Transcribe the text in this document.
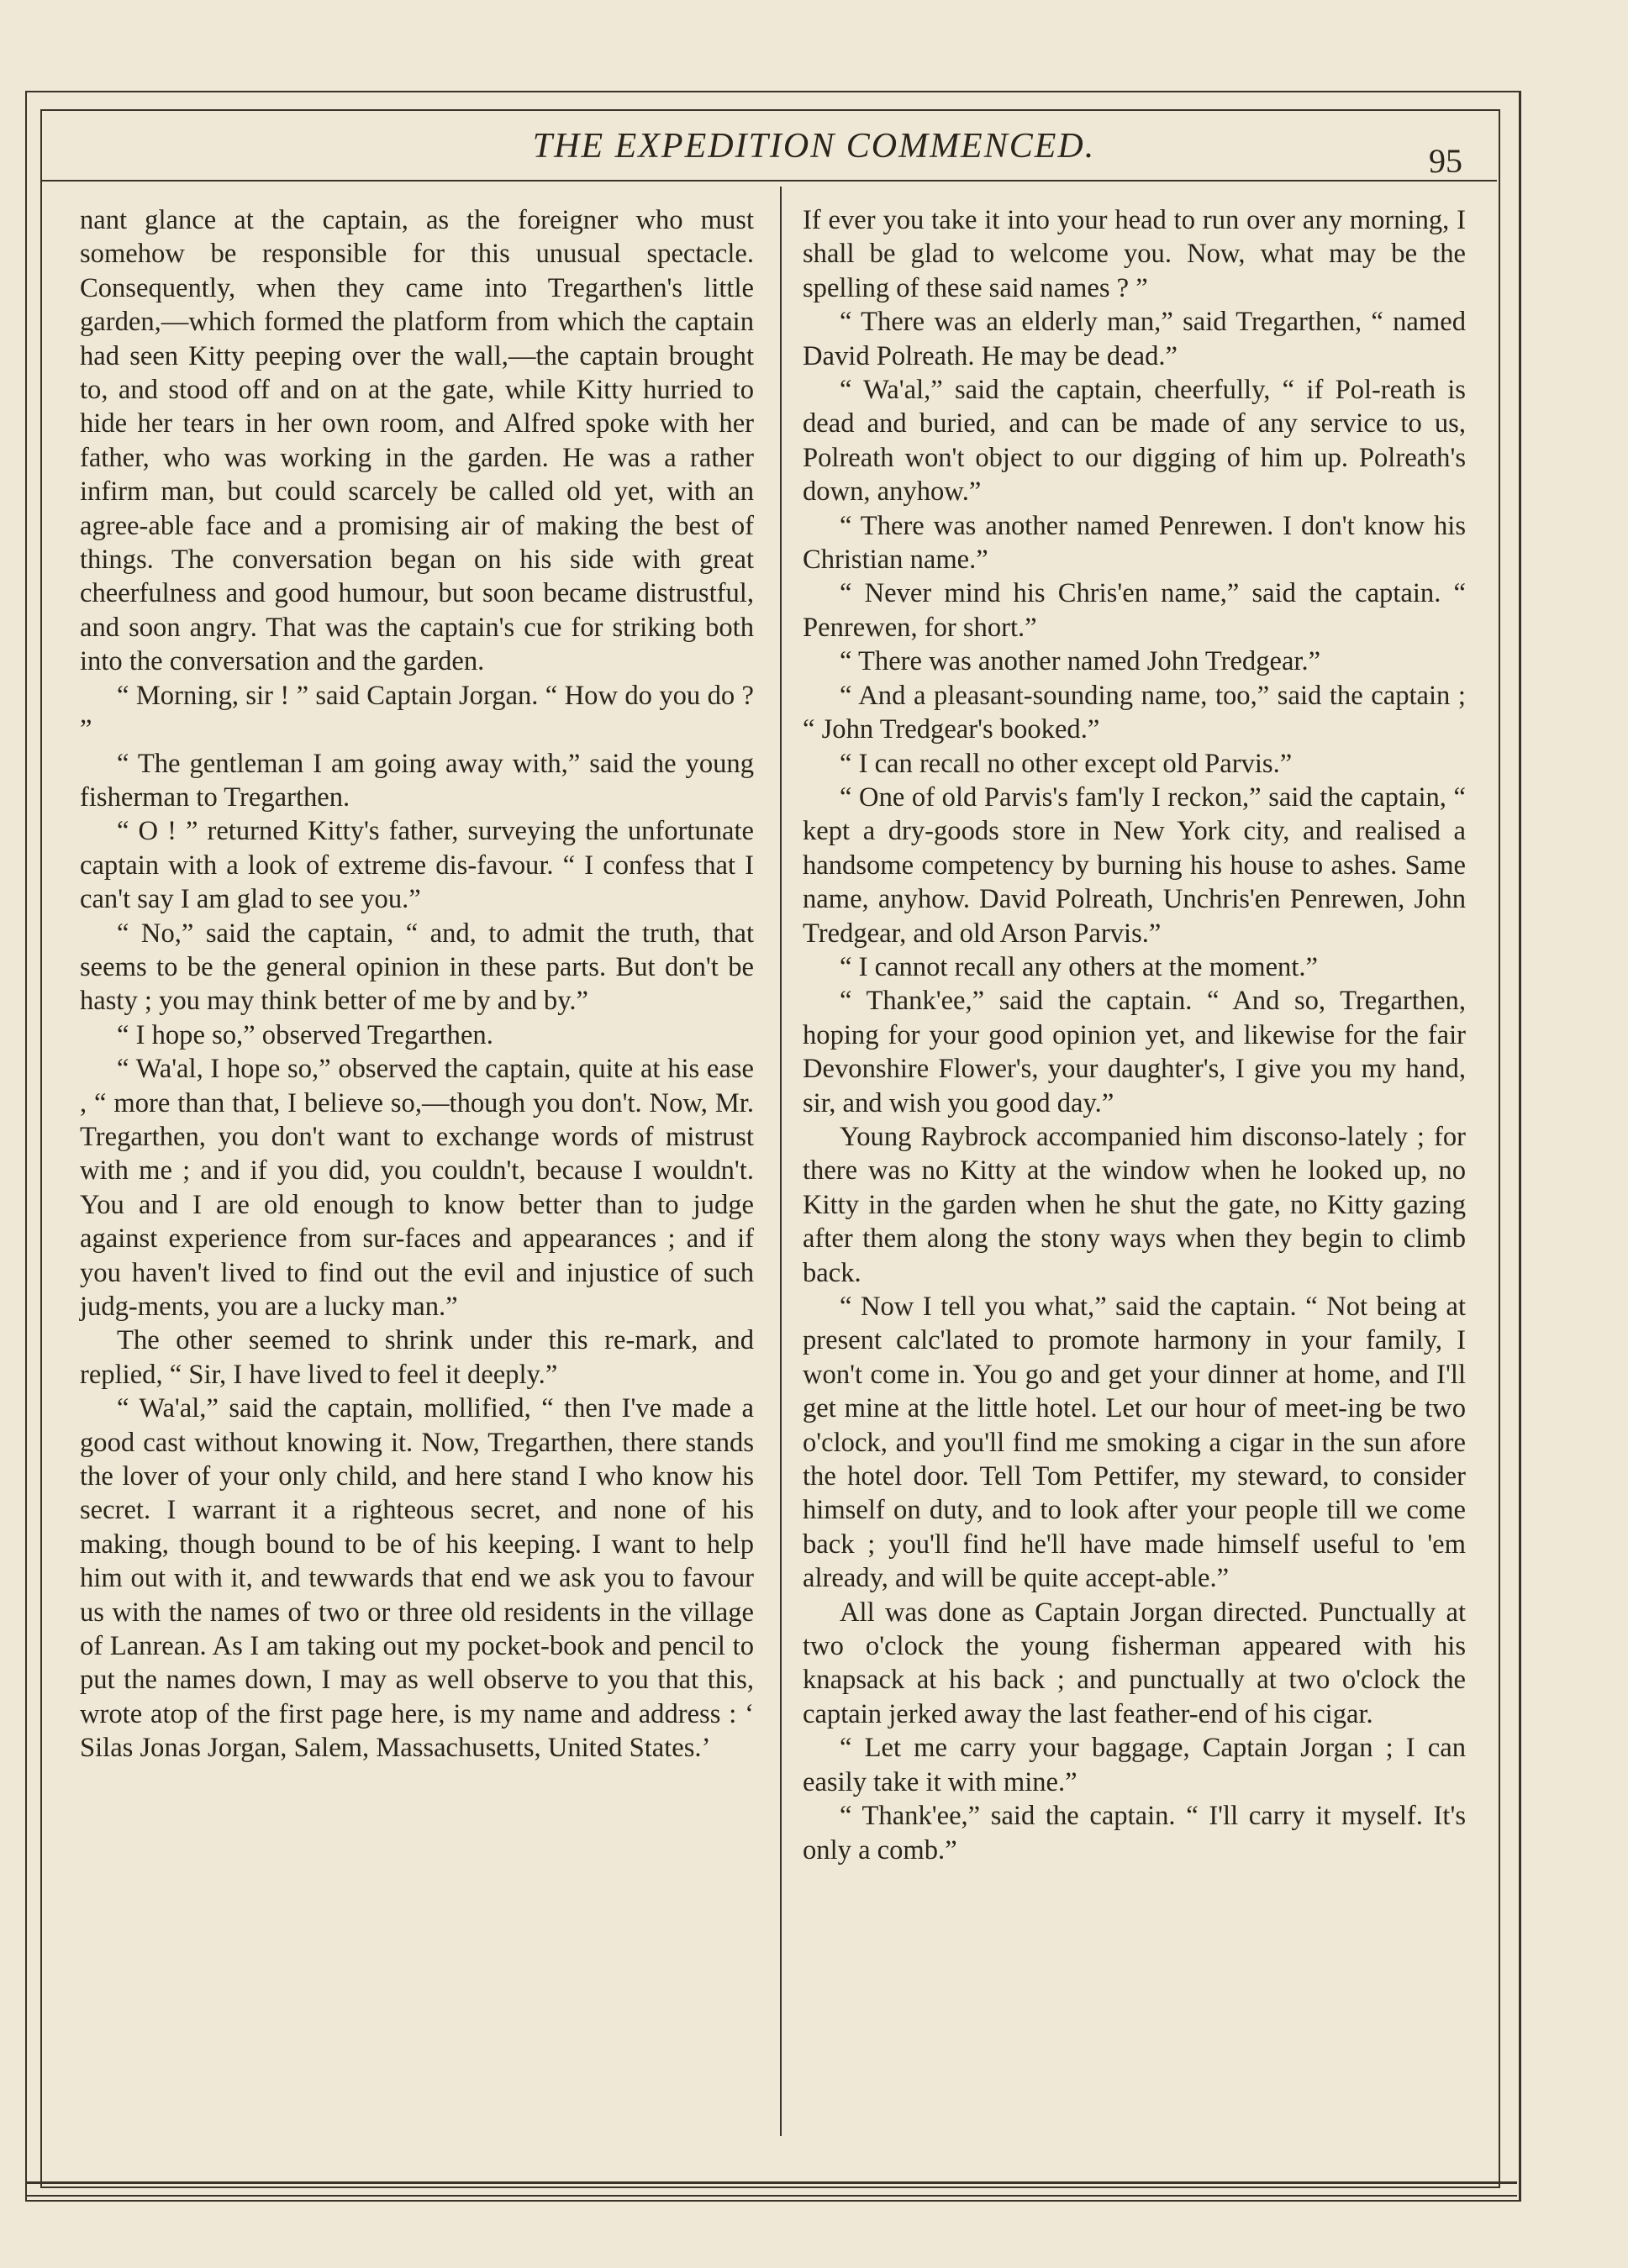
THE EXPEDITION COMMENCED.	95

nant glance at the captain, as the foreigner who must somehow be responsible for this unusual spectacle. Consequently, when they came into Tregarthen's little garden,—which formed the platform from which the captain had seen Kitty peeping over the wall,—the captain brought to, and stood off and on at the gate, while Kitty hurried to hide her tears in her own room, and Alfred spoke with her father, who was working in the garden. He was a rather infirm man, but could scarcely be called old yet, with an agree-able face and a promising air of making the best of things. The conversation began on his side with great cheerfulness and good humour, but soon became distrustful, and soon angry. That was the captain's cue for striking both into the conversation and the garden.

“ Morning, sir ! ” said Captain Jorgan. “ How do you do ? ”

“ The gentleman I am going away with,” said the young fisherman to Tregarthen.

“ O ! ” returned Kitty's father, surveying the unfortunate captain with a look of extreme dis-favour. “ I confess that I can't say I am glad to see you.”

“ No,” said the captain, “ and, to admit the truth, that seems to be the general opinion in these parts. But don't be hasty ; you may think better of me by and by.”

“ I hope so,” observed Tregarthen.

“ Wa'al, I hope so,” observed the captain, quite at his ease , “ more than that, I believe so,—though you don't. Now, Mr. Tregarthen, you don't want to exchange words of mistrust with me ; and if you did, you couldn't, because I wouldn't. You and I are old enough to know better than to judge against experience from sur-faces and appearances ; and if you haven't lived to find out the evil and injustice of such judg-ments, you are a lucky man.”

The other seemed to shrink under this re-mark, and replied, “ Sir, I have lived to feel it deeply.”

“ Wa'al,” said the captain, mollified, “ then I've made a good cast without knowing it. Now, Tregarthen, there stands the lover of your only child, and here stand I who know his secret. I warrant it a righteous secret, and none of his making, though bound to be of his keeping. I want to help him out with it, and tewwards that end we ask you to favour us with the names of two or three old residents in the village of Lanrean. As I am taking out my pocket-book and pencil to put the names down, I may as well observe to you that this, wrote atop of the first page here, is my name and address : ‘ Silas Jonas Jorgan, Salem, Massachusetts, United States.’

If ever you take it into your head to run over any morning, I shall be glad to welcome you. Now, what may be the spelling of these said names ? ”

“ There was an elderly man,” said Tregarthen, “ named David Polreath. He may be dead.”

“ Wa'al,” said the captain, cheerfully, “ if Pol-reath is dead and buried, and can be made of any service to us, Polreath won't object to our digging of him up. Polreath's down, anyhow.”

“ There was another named Penrewen. I don't know his Christian name.”

“ Never mind his Chris'en name,” said the captain. “ Penrewen, for short.”

“ There was another named John Tredgear.”

“ And a pleasant-sounding name, too,” said the captain ; “ John Tredgear's booked.”

“ I can recall no other except old Parvis.”

“ One of old Parvis's fam'ly I reckon,” said the captain, “ kept a dry-goods store in New York city, and realised a handsome competency by burning his house to ashes. Same name, anyhow. David Polreath, Unchris'en Penrewen, John Tredgear, and old Arson Parvis.”

“ I cannot recall any others at the moment.”

“ Thank'ee,” said the captain. “ And so, Tregarthen, hoping for your good opinion yet, and likewise for the fair Devonshire Flower's, your daughter's, I give you my hand, sir, and wish you good day.”

Young Raybrock accompanied him disconso-lately ; for there was no Kitty at the window when he looked up, no Kitty in the garden when he shut the gate, no Kitty gazing after them along the stony ways when they begin to climb back.

“ Now I tell you what,” said the captain. “ Not being at present calc'lated to promote harmony in your family, I won't come in. You go and get your dinner at home, and I'll get mine at the little hotel. Let our hour of meet-ing be two o'clock, and you'll find me smoking a cigar in the sun afore the hotel door. Tell Tom Pettifer, my steward, to consider himself on duty, and to look after your people till we come back ; you'll find he'll have made himself useful to 'em already, and will be quite accept-able.”

All was done as Captain Jorgan directed. Punctually at two o'clock the young fisherman appeared with his knapsack at his back ; and punctually at two o'clock the captain jerked away the last feather-end of his cigar.

“ Let me carry your baggage, Captain Jorgan ; I can easily take it with mine.”

“ Thank'ee,” said the captain. “ I'll carry it myself. It's only a comb.”
